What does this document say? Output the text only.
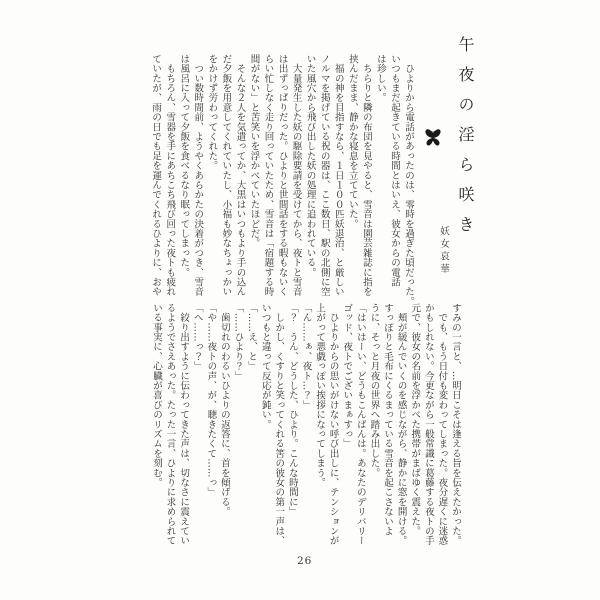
午夜の淫ら咲き
妖女哀華
　ひよりから電話があったのは、零時を過ぎた頃だった。
いつもまだ起きている時間とはいえ、彼女からの電話
は珍しい。
　ちらりと隣の布団を見やると、雪音は園芸雑誌に指を
挟んだまま、静かな寝息を立てていた。
　福の神を目指すなら、１日１００匹妖退治、と厳しい
ノルマを掲げている祝の器は、ここ数日、駅の北側に空
いた風穴から飛び出した妖の処理に追われている。
　大量発生した妖の駆除要請を受けてから、夜トと雪音
は出ずっぱりだった。ひよりと世間話をする暇もないく
らい忙しなく走り回っていたため、雪音は「宿題する時
間がない」と苦笑いを浮かべていたほどだ。
　そんな２人を気遣ってか、大黒はいつもより手の込ん
だ夕飯を用意してくれていたし、小福も妙なちょっかい
をかけず労わってくれた。
　つい数時間前、ようやくあらかたの決着がつき、雪音
は風呂に入って夕飯を食べるなり眠ってしまった。
　もちろん、雪器を手にあちこち飛び回った夜トも疲れ
ていたが、雨の日でも足を運んでくれるひよりに、おや
すみの一言と、…明日こそは逢える旨を伝えたかった。
　でも、もう日付も変わってしまった。夜分遅くに迷惑
かもしれない。今更ながら一般常識に葛藤する夜トの手
元で、彼女の名前を浮かべた携帯がまばゆく震えた。
　頬が緩んでいくのを感じながら、静かに窓を開ける。
すっぽりと毛布にくるまっている雪音を起こさないよ
うに、そっと月夜の世界へ踏み出した。
「はいはーい、どうもこんばんは。あなたのデリバリー
ゴッド、夜トでございまぁすっ」
　ひよりからの思いがけない呼び出しに、テンションが
上がって悪戯っぽい挨拶になってしまう。
「ん……ぁ、夜ト…？」
「？　うん、どうした、ひより。こんな時間に」
　しかし、くすりと笑ってくれる筈の彼女の第一声は、
いつもと違って反応が鈍い。
「……え、と」
「……ひより？」
　歯切れのわるいひよりの返答に、首を傾げる。
「や……夜トの声、が、聴きたくて……っ」
「へ……っ？」
　絞り出すように伝わってきた声は、切なさに震えてい
るようでさえあった。たった一言、ひよりに求められて
いる事実に、心臓が喜びのリズムを刻む。
26
